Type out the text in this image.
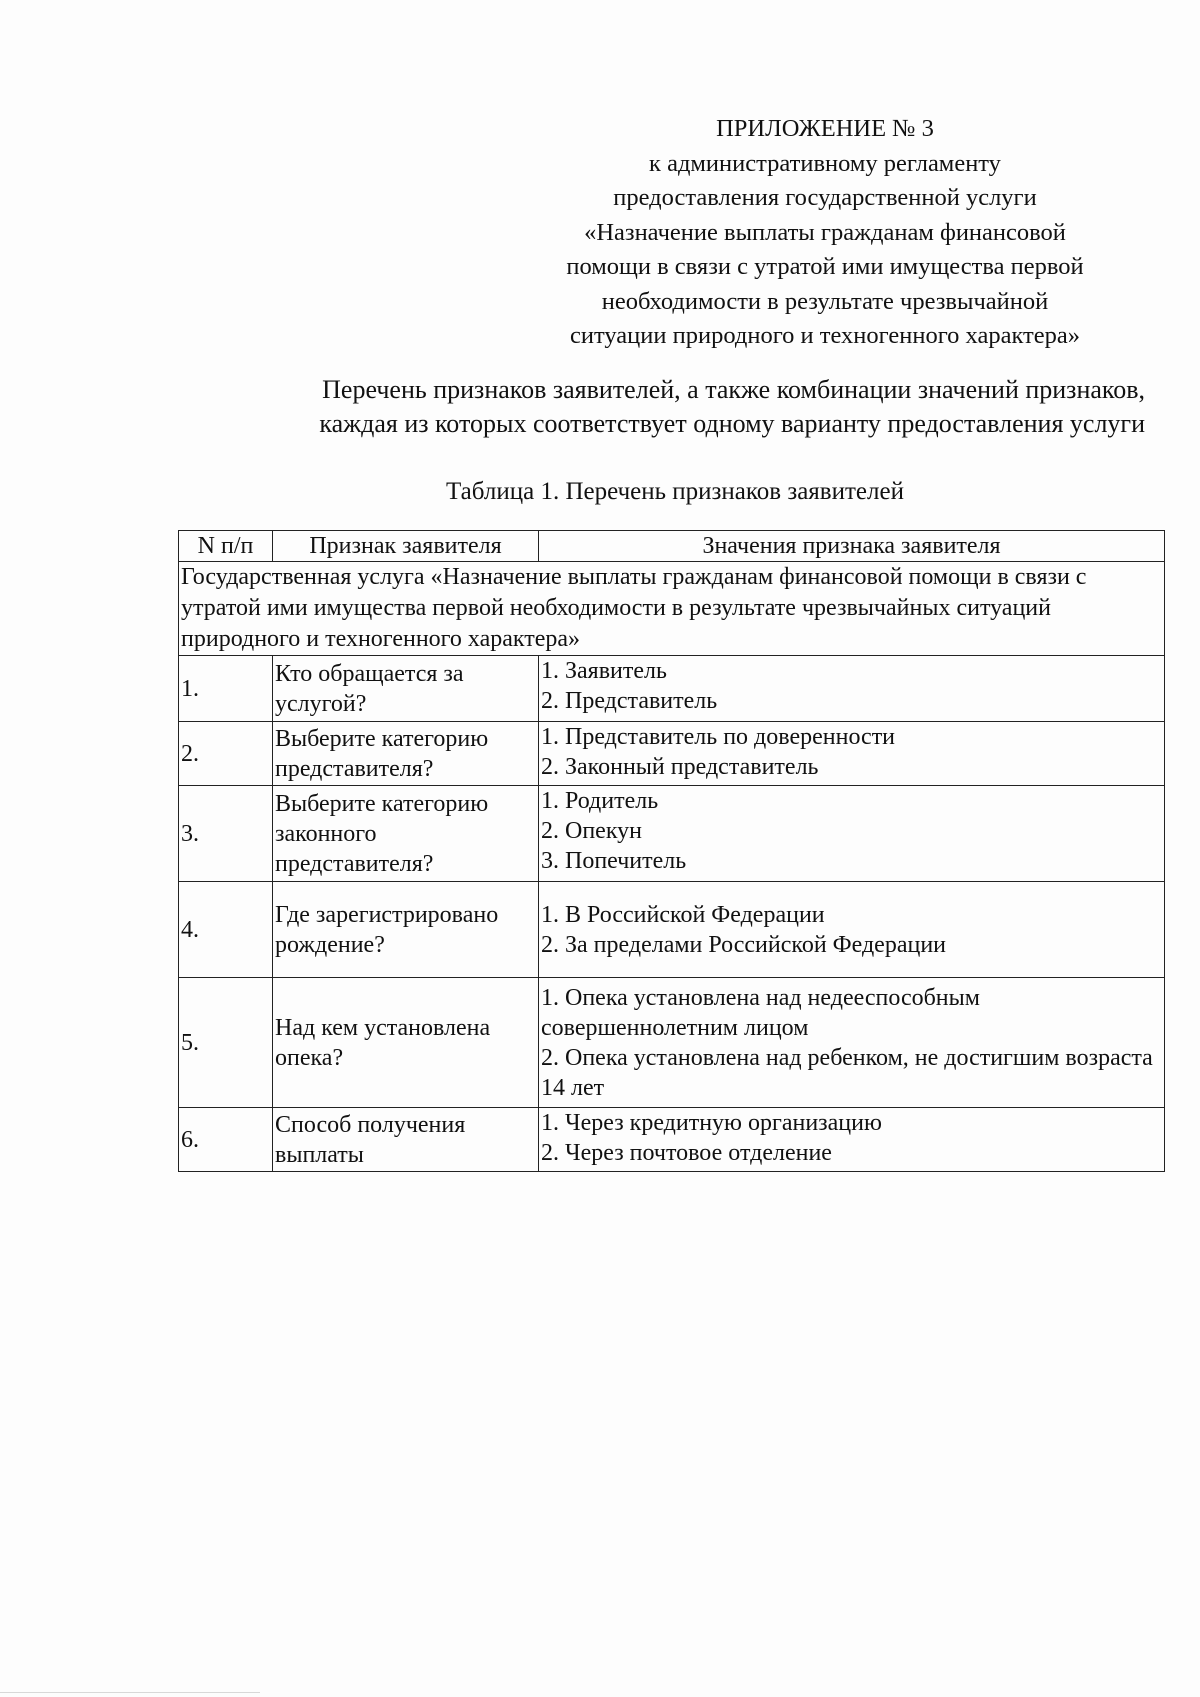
ПРИЛОЖЕНИЕ № 3
к административному регламенту
предоставления государственной услуги
«Назначение выплаты гражданам финансовой
помощи в связи с утратой ими имущества первой
необходимости в результате чрезвычайной
ситуации природного и техногенного характера»
Перечень признаков заявителей, а также комбинации значений признаков,
каждая из которых соответствует одному варианту предоставления услуги
Таблица 1. Перечень признаков заявителей
N п/п	Признак заявителя	Значения признака заявителя
Государственная услуга «Назначение выплаты гражданам финансовой помощи в связи с утратой ими имущества первой необходимости в результате чрезвычайных ситуаций природного и техногенного характера»		
1.	Кто обращается за услугой?	1. Заявитель
2. Представитель

2.	Выберите категорию представителя?	1. Представитель по доверенности
2. Законный представитель

3.	Выберите категорию законного представителя?	1. Родитель
2. Опекун
3. Попечитель

4.	Где зарегистрировано рождение?	1. В Российской Федерации
2. За пределами Российской Федерации

5.	Над кем установлена опека?	1. Опека установлена над недееспособным совершеннолетним лицом
2. Опека установлена над ребенком, не достигшим возраста 14 лет

6.	Способ получения выплаты	1. Через кредитную организацию
2. Через почтовое отделение
